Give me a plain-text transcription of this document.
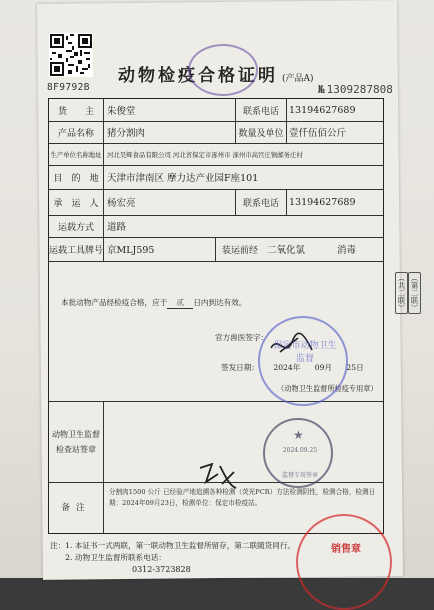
8F9792B
动物检疫合格证明 (产品A)
№ 1309287808
货　　主	朱俊堂	联系电话	13194627689
产品名称	猪分割肉	数量及单位 壹仟伍佰公斤
生产单位名称地址 河北昊辉食品有限公司 河北省保定市涿州市 涿州市高官庄镇邮务庄村
目　的　地 天津市津南区 摩力达产业园F座101
承　运　人 杨宏亮	联系电话	13194627689
运载方式	道路
运载工具牌号 京MLJ595	装运前经 二氧化氯	消毒
本批动物产品经检疫合格，应于 贰 日内到达有效。
官方兽医签字：
签发日期： 2024年 09月 25日
（动物卫生监督所检疫专用章）
动物卫生监督
检查站签章
备注
分割肉1500 公斤 已经验产地追溯各种检测（荧光PCR）方法检测阴性，检测合格，检测日期：2024年09月23日，检测单位：保定市检疫站。
保定市动物卫生监督
★
2024.09.25
监督专用签章
注：1. 本证书一式两联，第一联动物卫生监督所留存，第二联随货同行。
　　2. 动物卫生监督所联系电话：
0312-3723828
（第二联）
（共二联）
销售章
